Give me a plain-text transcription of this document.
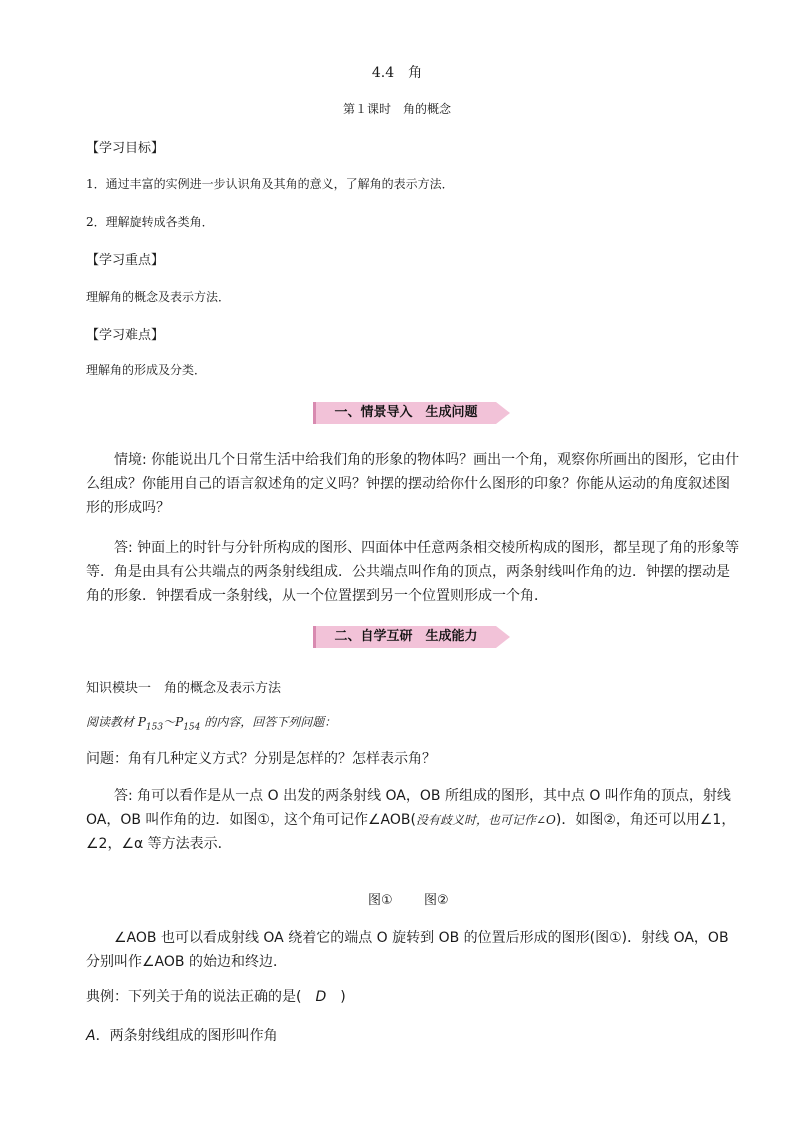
4.4　角

第１课时　角的概念

【学习目标】

1．通过丰富的实例进一步认识角及其角的意义，了解角的表示方法．

2．理解旋转成各类角．

【学习重点】

理解角的概念及表示方法．

【学习难点】

理解角的形成及分类．

一、情景导入　生成问题

情境: 你能说出几个日常生活中给我们角的形象的物体吗？画出一个角，观察你所画出的图形，它由什么组成？你能用自己的语言叙述角的定义吗？钟摆的摆动给你什么图形的印象？你能从运动的角度叙述图形的形成吗？

答: 钟面上的时针与分针所构成的图形、四面体中任意两条相交棱所构成的图形，都呈现了角的形象等等．角是由具有公共端点的两条射线组成．公共端点叫作角的顶点，两条射线叫作角的边．钟摆的摆动是角的形象．钟摆看成一条射线，从一个位置摆到另一个位置则形成一个角．

二、自学互研　生成能力

知识模块一　角的概念及表示方法

阅读教材 $P_{153}\sim P_{154}$ 的内容，回答下列问题：

问题：角有几种定义方式？分别是怎样的？怎样表示角？

答: 角可以看作是从一点 O 出发的两条射线 OA，OB 所组成的图形，其中点 O 叫作角的顶点，射线 OA，OB 叫作角的边．如图①，这个角可记作∠AOB(没有歧义时，也可记作∠O)．如图②，角还可以用∠1，∠2，∠α 等方法表示．

图① 图②

∠AOB 也可以看成射线 OA 绕着它的端点 O 旋转到 OB 的位置后形成的图形(图①)．射线 OA，OB 分别叫作∠AOB 的始边和终边．

典例：下列关于角的说法正确的是(　D　)

A．两条射线组成的图形叫作角
